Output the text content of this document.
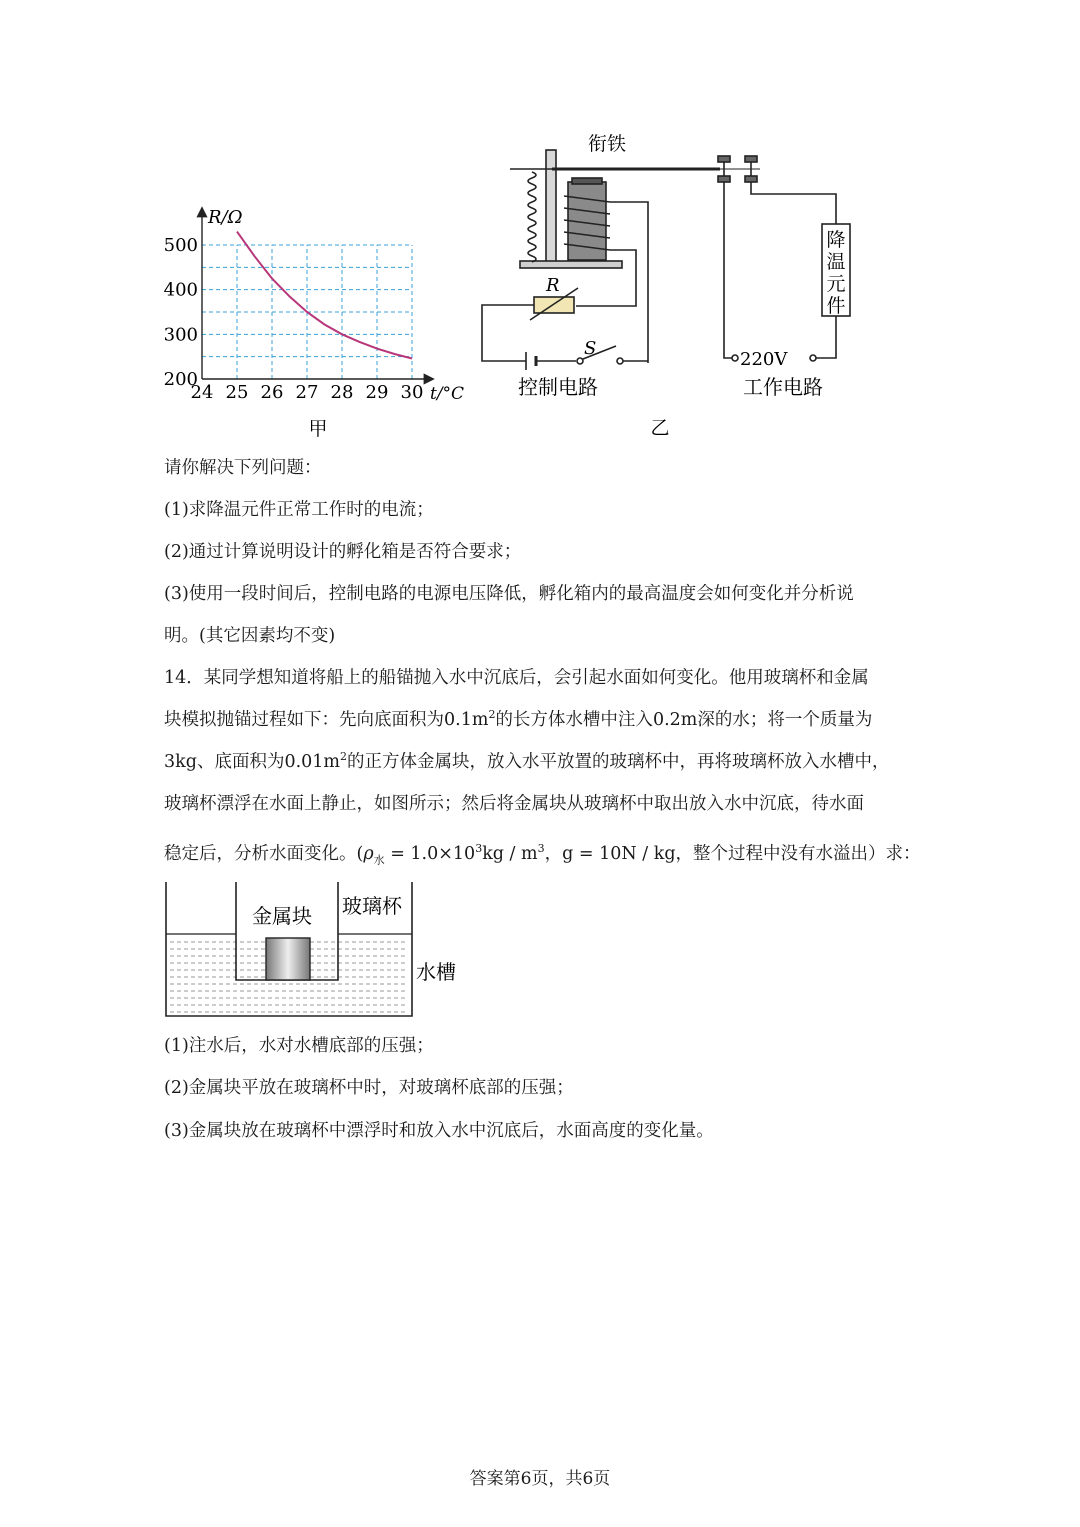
R/Ω
t/°C
24 25 26 27 28 29 30
200
300
400
500
甲
衔铁
R
S
降
温
元
件
220V
控制电路	工作电路
乙
请你解决下列问题：
(1)求降温元件正常工作时的电流；
(2)通过计算说明设计的孵化箱是否符合要求；
(3)使用一段时间后，控制电路的电源电压降低，孵化箱内的最高温度会如何变化并分析说
明。(其它因素均不变)
14．某同学想知道将船上的船锚抛入水中沉底后，会引起水面如何变化。他用玻璃杯和金属
块模拟抛锚过程如下：先向底面积为$0.1m^2$的长方体水槽中注入0.2m深的水；将一个质量为
3kg、底面积为$0.01m^2$的正方体金属块，放入水平放置的玻璃杯中，再将玻璃杯放入水槽中，
玻璃杯漂浮在水面上静止，如图所示；然后将金属块从玻璃杯中取出放入水中沉底，待水面
稳定后，分析水面变化。($\rho_水 = 1.0\times 10^3kg / m^3$，g = 10N / kg，整个过程中没有水溢出）求：
金属块 玻璃杯
水槽
(1)注水后，水对水槽底部的压强；
(2)金属块平放在玻璃杯中时，对玻璃杯底部的压强；
(3)金属块放在玻璃杯中漂浮时和放入水中沉底后，水面高度的变化量。
答案第6页，共6页
